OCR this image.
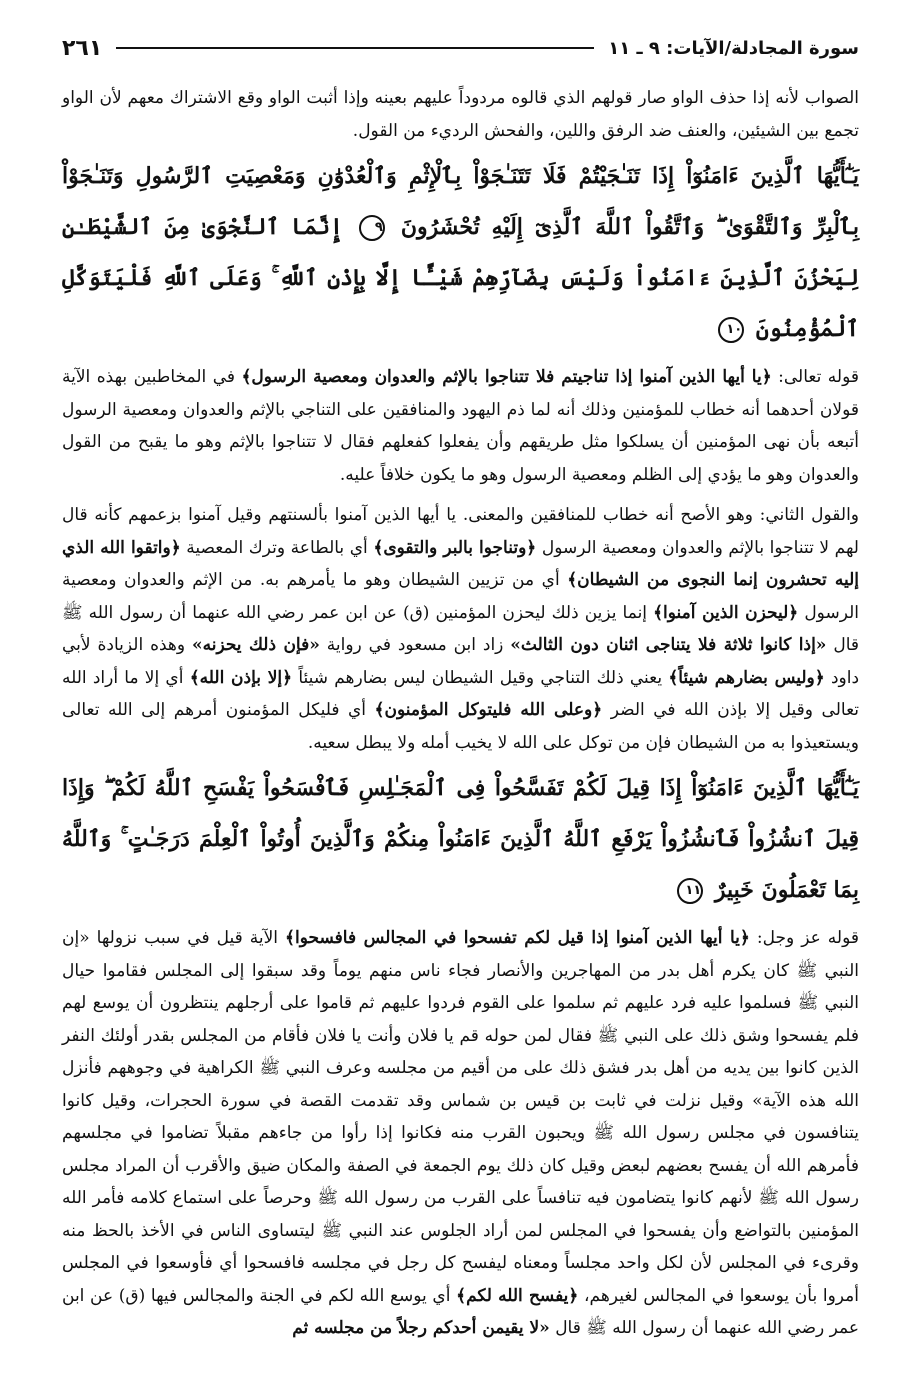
سورة المجادلة/الآيات: ٩ ـ ١١
٢٦١

الصواب لأنه إذا حذف الواو صار قولهم الذي قالوه مردوداً عليهم بعينه وإذا أثبت الواو وقع الاشتراك معهم لأن الواو تجمع بين الشيئين، والعنف ضد الرفق واللين، والفحش الرديء من القول.

يَـٰٓأَيُّهَا ٱلَّذِينَ ءَامَنُوٓاْ إِذَا تَنَـٰجَيْتُمْ فَلَا تَتَنَـٰجَوْاْ بِٱلْإِثْمِ وَٱلْعُدْوَٰنِ وَمَعْصِيَتِ ٱلرَّسُولِ وَتَنَـٰجَوْاْ بِٱلْبِرِّ وَٱلتَّقْوَىٰ ۖ وَٱتَّقُواْ ٱللَّهَ ٱلَّذِىٓ إِلَيْهِ تُحْشَرُونَ ٩ إِنَّمَا ٱلنَّجْوَىٰ مِنَ ٱلشَّيْطَـٰنِ لِيَحْزُنَ ٱلَّذِينَ ءَامَنُواْ وَلَيْسَ بِضَآرِّهِمْ شَيْـًٔا إِلَّا بِإِذْنِ ٱللَّهِ ۚ وَعَلَى ٱللَّهِ فَلْيَتَوَكَّلِ ٱلْمُؤْمِنُونَ ١٠

قوله تعالى: ﴿يا أيها الذين آمنوا إذا تناجيتم فلا تتناجوا بالإثم والعدوان ومعصية الرسول﴾ في المخاطبين بهذه الآية قولان أحدهما أنه خطاب للمؤمنين وذلك أنه لما ذم اليهود والمنافقين على التناجي بالإثم والعدوان ومعصية الرسول أتبعه بأن نهى المؤمنين أن يسلكوا مثل طريقهم وأن يفعلوا كفعلهم فقال لا تتناجوا بالإثم وهو ما يقبح من القول والعدوان وهو ما يؤدي إلى الظلم ومعصية الرسول وهو ما يكون خلافاً عليه.

والقول الثاني: وهو الأصح أنه خطاب للمنافقين والمعنى. يا أيها الذين آمنوا بألسنتهم وقيل آمنوا بزعمهم كأنه قال لهم لا تتناجوا بالإثم والعدوان ومعصية الرسول ﴿وتناجوا بالبر والتقوى﴾ أي بالطاعة وترك المعصية ﴿واتقوا الله الذي إليه تحشرون إنما النجوى من الشيطان﴾ أي من تزيين الشيطان وهو ما يأمرهم به. من الإثم والعدوان ومعصية الرسول ﴿ليحزن الذين آمنوا﴾ إنما يزين ذلك ليحزن المؤمنين (ق) عن ابن عمر رضي الله عنهما أن رسول الله ﷺ قال «إذا كانوا ثلاثة فلا يتناجى اثنان دون الثالث» زاد ابن مسعود في رواية «فإن ذلك يحزنه» وهذه الزيادة لأبي داود ﴿وليس بضارهم شيئاً﴾ يعني ذلك التناجي وقيل الشيطان ليس بضارهم شيئاً ﴿إلا بإذن الله﴾ أي إلا ما أراد الله تعالى وقيل إلا بإذن الله في الضر ﴿وعلى الله فليتوكل المؤمنون﴾ أي فليكل المؤمنون أمرهم إلى الله تعالى ويستعيذوا به من الشيطان فإن من توكل على الله لا يخيب أمله ولا يبطل سعيه.

يَـٰٓأَيُّهَا ٱلَّذِينَ ءَامَنُوٓاْ إِذَا قِيلَ لَكُمْ تَفَسَّحُواْ فِى ٱلْمَجَـٰلِسِ فَٱفْسَحُواْ يَفْسَحِ ٱللَّهُ لَكُمْ ۖ وَإِذَا قِيلَ ٱنشُزُواْ فَٱنشُزُواْ يَرْفَعِ ٱللَّهُ ٱلَّذِينَ ءَامَنُواْ مِنكُمْ وَٱلَّذِينَ أُوتُواْ ٱلْعِلْمَ دَرَجَـٰتٍ ۚ وَٱللَّهُ بِمَا تَعْمَلُونَ خَبِيرٌ ١١

قوله عز وجل: ﴿يا أيها الذين آمنوا إذا قيل لكم تفسحوا في المجالس فافسحوا﴾ الآية قيل في سبب نزولها «إن النبي ﷺ كان يكرم أهل بدر من المهاجرين والأنصار فجاء ناس منهم يوماً وقد سبقوا إلى المجلس فقاموا حيال النبي ﷺ فسلموا عليه فرد عليهم ثم سلموا على القوم فردوا عليهم ثم قاموا على أرجلهم ينتظرون أن يوسع لهم فلم يفسحوا وشق ذلك على النبي ﷺ فقال لمن حوله قم يا فلان وأنت يا فلان فأقام من المجلس بقدر أولئك النفر الذين كانوا بين يديه من أهل بدر فشق ذلك على من أقيم من مجلسه وعرف النبي ﷺ الكراهية في وجوههم فأنزل الله هذه الآية» وقيل نزلت في ثابت بن قيس بن شماس وقد تقدمت القصة في سورة الحجرات، وقيل كانوا يتنافسون في مجلس رسول الله ﷺ ويحبون القرب منه فكانوا إذا رأوا من جاءهم مقبلاً تضاموا في مجلسهم فأمرهم الله أن يفسح بعضهم لبعض وقيل كان ذلك يوم الجمعة في الصفة والمكان ضيق والأقرب أن المراد مجلس رسول الله ﷺ لأنهم كانوا يتضامون فيه تنافساً على القرب من رسول الله ﷺ وحرصاً على استماع كلامه فأمر الله المؤمنين بالتواضع وأن يفسحوا في المجلس لمن أراد الجلوس عند النبي ﷺ ليتساوى الناس في الأخذ بالحظ منه وقرىء في المجلس لأن لكل واحد مجلساً ومعناه ليفسح كل رجل في مجلسه فافسحوا أي فأوسعوا في المجلس أمروا بأن يوسعوا في المجالس لغيرهم، ﴿يفسح الله لكم﴾ أي يوسع الله لكم في الجنة والمجالس فيها (ق) عن ابن عمر رضي الله عنهما أن رسول الله ﷺ قال «لا يقيمن أحدكم رجلاً من مجلسه ثم
